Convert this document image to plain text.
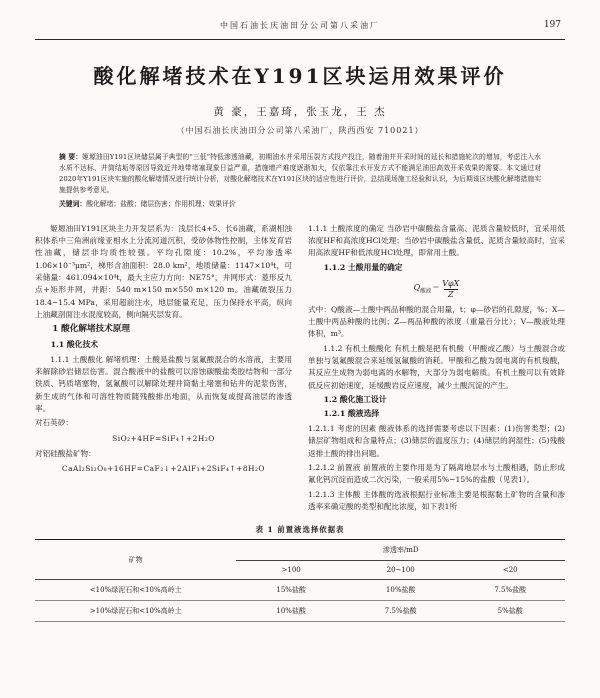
中国石油长庆油田分公司第八采油厂	197
酸化解堵技术在Y191区块运用效果评价
黄 豪，王嘉琦，张玉龙，王 杰
（中国石油长庆油田分公司第八采油厂，陕西西安 710021）
摘 要：姬塬油田Y191区块储层属于典型的“三低”特低渗透油藏，初期油水井采用压裂方式投产投注，随着油井开采时间的延长和措施轮次的增加，考虑注入水水质不达标、井筒结垢等原因导致近井地带堵塞现象日益严重，措施增产难度逐渐加大，仅依靠注水开发方式不能满足油田高效开采效果的需要。本文通过对2020年Y191区块实施的酸化解堵情况进行统计分析，对酸化解堵技术在Y191区块的适应性进行评价，总结现场施工经验和认识，为后期该区块酸化解堵措施实施提供参考意见。
关键词：酸化解堵；盐酸；储层伤害；作用机理；效果评价

姬塬油田Y191区块主力开发层系为：浅层长4+5、长6油藏，系湖相浊积体系中三角洲前缘亚相水上分流河道沉积，受砂体物性控制，主体发育岩性油藏，储层非均质性较强。平均孔隙度：10.2%，平均渗透率1.06×10⁻³μm²，梯形含油面积：28.0 km²，地质储量：1147×10⁴t，可采储量：461.094×10⁴t，最大主应力方向：NE75°，井网形式：菱形反九点+矩形井网，井距：540 m×150 m×550 m×120 m。油藏破裂压力18.4~15.4 MPa，采用超前注水，地层能量充足，压力保持水平高，纵向上油藏剖面注水混度较高，侧向隔夹层发育。

1 酸化解堵技术原理

1.1 酸化技术

1.1.1 土酸酸化 解堵机理：土酸是盐酸与氢氟酸混合的水溶液，主要用来解除砂岩储层伤害。混合酸液中的盐酸可以溶蚀碳酸盐类胶结物和一部分铁质、钙质堵塞物，氢氟酸可以解除处理井筒黏土堵塞和钻井的泥浆伤害，新生成的气体和可溶性物质随残酸排出地面，从而恢复或提高油层的渗透率。

对石英砂：

SiO₂+4HF=SiF₄↑+2H₂O

对铝硅酸盐矿物：

CaAl₂Si₂O₈+16HF=CaF₂↓+2AlF₃+2SiF₄↑+8H₂O

1.1.1 土酸浓度的确定 当砂岩中碳酸盐含量高、泥质含量较低时，宜采用低浓度HF和高浓度HCl处理；当砂岩中碳酸盐含量低、泥质含量较高时，宜采用高浓度HF和低浓度HCl处理，即常用土酸。

1.1.2 土酸用量的确定

$Q_{酸液}= \frac{\text{VφX}}{Z}$

式中：Q酸液—土酸中两品种酸的混合用量，t；φ—砂岩的孔隙度，%；X—土酸中两品种酸的比例；Z—两品种酸的浓度（重量百分比）；V—酸液处理体积，m³。

1.1.2 有机土酸酸化 有机土酸是把有机酸（甲酸或乙酸）与土酸混合或单独与氢氟酸混合来延缓氢氟酸的消耗。甲酸和乙酸为弱电离的有机羧酸，其反应生成物为弱电离的水解物，大部分为弱电解质。有机土酸可以有效降低反应初始速度，延缓酸岩反应速度，减少土酸沉淀的产生。

1.2 酸化施工设计

1.2.1 酸液选择

1.2.1.1 考虑的因素 酸液体系的选择需要考虑以下因素：(1)伤害类型；(2)储层矿物组成和含量特点；(3)储层的温度压力；(4)储层的润湿性；(5)残酸返排土酸的排出问题。

1.2.1.2 前置液 前置液的主要作用是为了隔离地层水与土酸相遇，防止形成氟化钙沉淀而造成二次污染，一般采用5%~15%的盐酸（见表1）。

1.2.1.3 主体酸 主体酸的选液根据行业标准主要是根据黏土矿物的含量和渗透率来确定酸的类型和配比浓度，如下表1所

表 1 前置液选择依据表
矿物	渗透率/mD		
	>100	20~100	<20
<10%绿泥石和<10%高岭土	15%盐酸	10%盐酸	7.5%盐酸
>10%绿泥石和<10%高岭土	10%盐酸	7.5%盐酸	5%盐酸
